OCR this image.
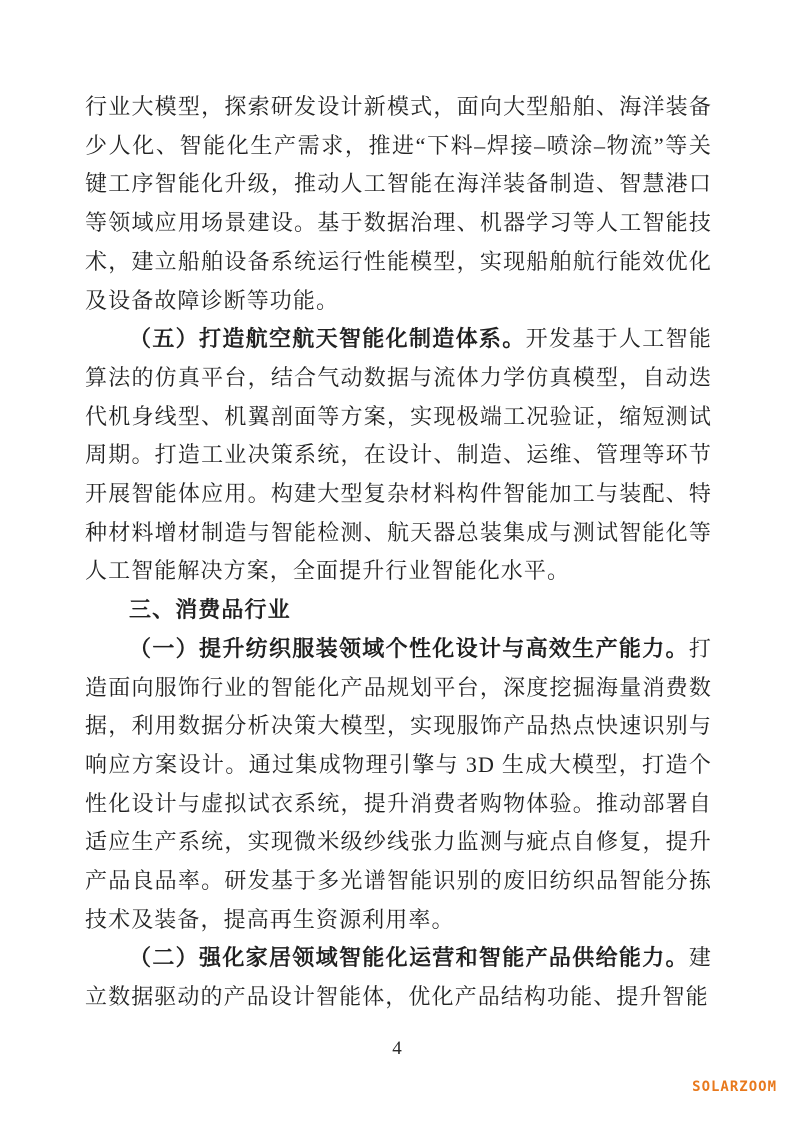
行业大模型，探索研发设计新模式，面向大型船舶、海洋装备少人化、智能化生产需求，推进“下料–焊接–喷涂–物流”等关键工序智能化升级，推动人工智能在海洋装备制造、智慧港口等领域应用场景建设。基于数据治理、机器学习等人工智能技术，建立船舶设备系统运行性能模型，实现船舶航行能效优化及设备故障诊断等功能。

（五）打造航空航天智能化制造体系。开发基于人工智能算法的仿真平台，结合气动数据与流体力学仿真模型，自动迭代机身线型、机翼剖面等方案，实现极端工况验证，缩短测试周期。打造工业决策系统，在设计、制造、运维、管理等环节开展智能体应用。构建大型复杂材料构件智能加工与装配、特种材料增材制造与智能检测、航天器总装集成与测试智能化等人工智能解决方案，全面提升行业智能化水平。

三、消费品行业

（一）提升纺织服装领域个性化设计与高效生产能力。打造面向服饰行业的智能化产品规划平台，深度挖掘海量消费数据，利用数据分析决策大模型，实现服饰产品热点快速识别与响应方案设计。通过集成物理引擎与 3D 生成大模型，打造个性化设计与虚拟试衣系统，提升消费者购物体验。推动部署自适应生产系统，实现微米级纱线张力监测与疵点自修复，提升产品良品率。研发基于多光谱智能识别的废旧纺织品智能分拣技术及装备，提高再生资源利用率。

（二）强化家居领域智能化运营和智能产品供给能力。建立数据驱动的产品设计智能体，优化产品结构功能、提升智能

4
SOLARZOOM
